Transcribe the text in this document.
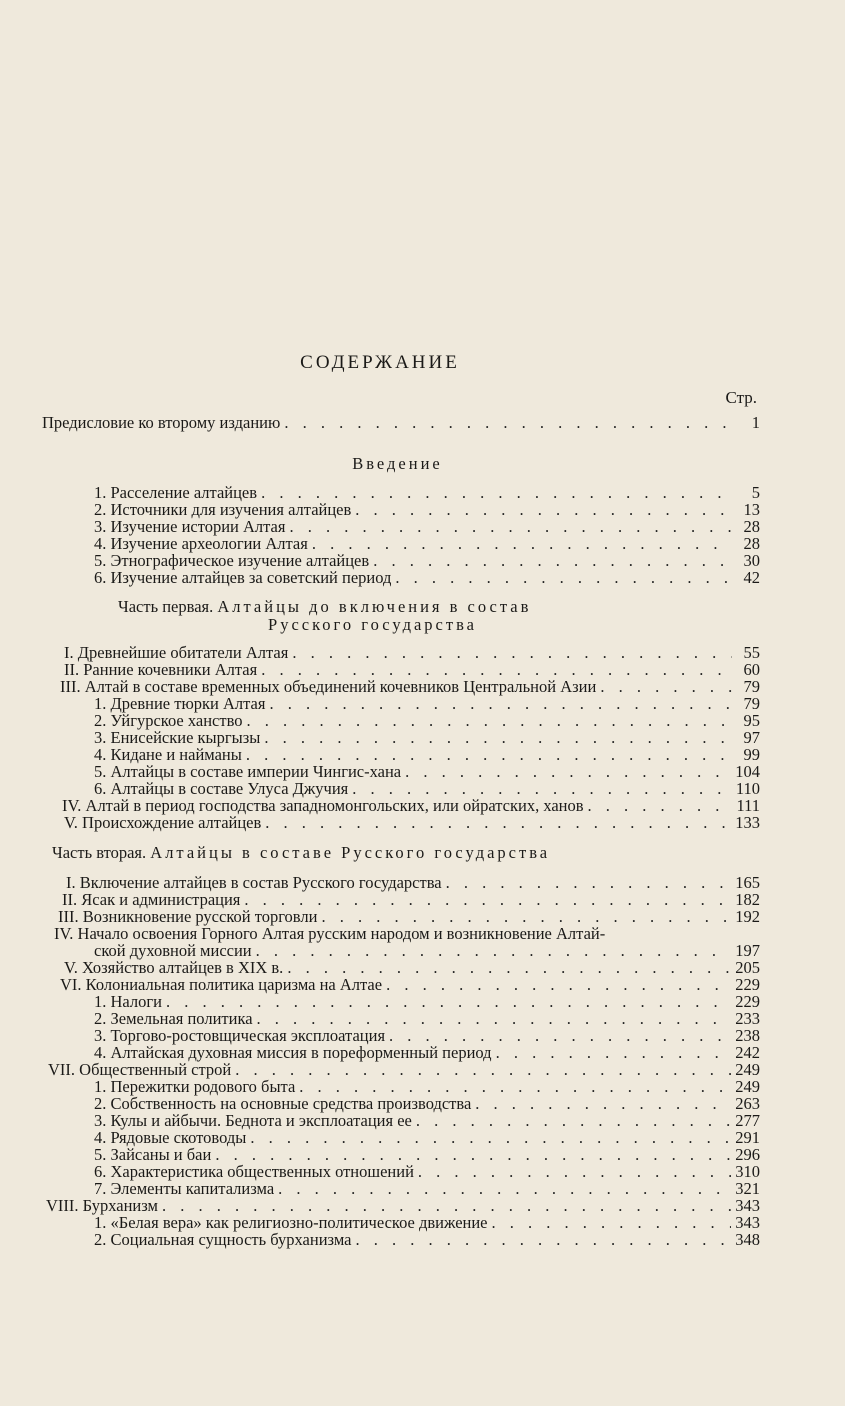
СОДЕРЖАНИЕ
Стр.
Предисловие ко второму изданию . . .	1
Введение
1. Расселение алтайцев . . .	5
2. Источники для изучения алтайцев . . .	13
3. Изучение истории Алтая . . .	28
4. Изучение археологии Алтая . . .	28
5. Этнографическое изучение алтайцев . . .	30
6. Изучение алтайцев за советский период . . .	42
Часть первая. Алтайцы до включения в состав
Русского государства
I. Древнейшие обитатели Алтая . . .	55
II. Ранние кочевники Алтая . . .	60
III. Алтай в составе временных объединений кочевников Центральной Азии . . .	79
1. Древние тюрки Алтая . . .	79
2. Уйгурское ханство . . .	95
3. Енисейские кыргызы . . .	97
4. Кидане и найманы . . .	99
5. Алтайцы в составе империи Чингис-хана . . .	104
6. Алтайцы в составе Улуса Джучия . . .	110
IV. Алтай в период господства западномонгольских, или ойратских, ханов . . .	111
V. Происхождение алтайцев . . .	133
Часть вторая. Алтайцы в составе Русского государства
I. Включение алтайцев в состав Русского государства . . .	165
II. Ясак и администрация . . .	182
III. Возникновение русской торговли . . .	192
IV. Начало освоения Горного Алтая русским народом и возникновение Алтай-
ской духовной миссии . . .	197
V. Хозяйство алтайцев в XIX в. . . .	205
VI. Колониальная политика царизма на Алтае . . .	229
1. Налоги . . .	229
2. Земельная политика . . .	233
3. Торгово-ростовщическая эксплоатация . . .	238
4. Алтайская духовная миссия в пореформенный период . . .	242
VII. Общественный строй . . .	249
1. Пережитки родового быта . . .	249
2. Собственность на основные средства производства . . .	263
3. Кулы и айбычи. Беднота и эксплоатация ее . . .	277
4. Рядовые скотоводы . . .	291
5. Зайсаны и баи . . .	296
6. Характеристика общественных отношений . . .	310
7. Элементы капитализма . . .	321
VIII. Бурханизм . . .	343
1. «Белая вера» как религиозно-политическое движение . . .	343
2. Социальная сущность бурханизма . . .	348
